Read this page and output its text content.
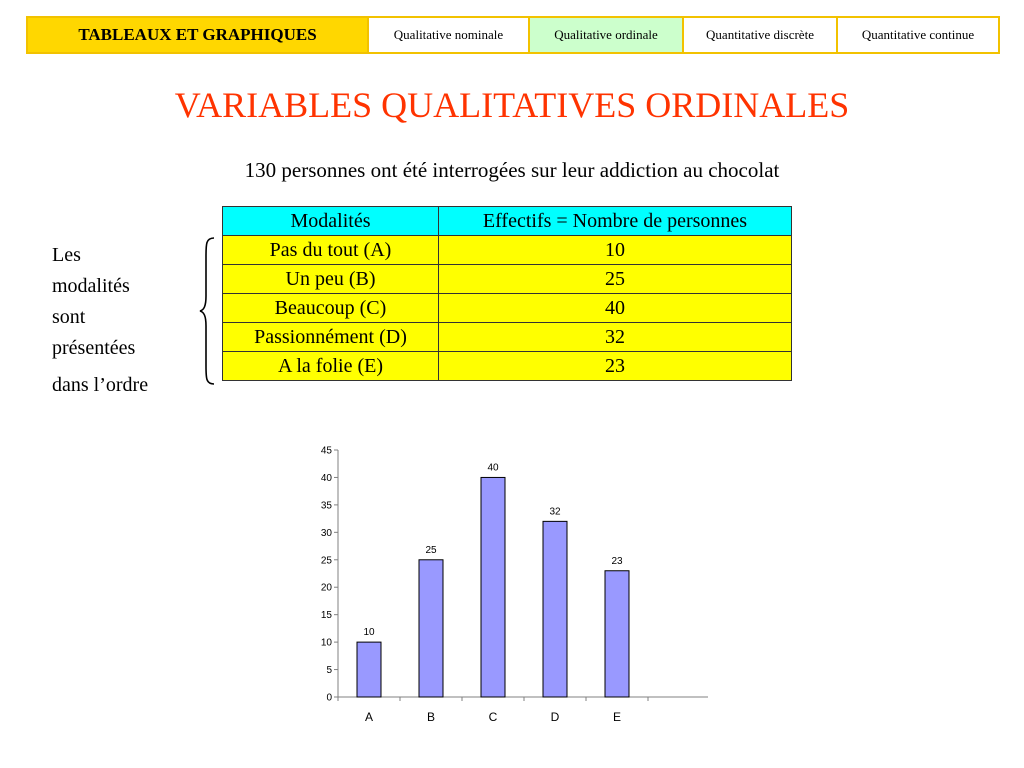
TABLEAUX ET GRAPHIQUES	Qualitative nominale	Qualitative ordinale	Quantitative discrète	Quantitative continue
VARIABLES QUALITATIVES ORDINALES
130 personnes ont été interrogées sur leur addiction au chocolat
Les
modalités
sont
présentées
dans l’ordre
Modalités	Effectifs = Nombre de personnes
Pas du tout (A)	10
Un peu (B)	25
Beaucoup (C)	40
Passionnément (D)	32
A la folie (E)	23
0
5
10
15
20
25
30
35
40
45
10
A
25
B
40
C
32
D
23
E
